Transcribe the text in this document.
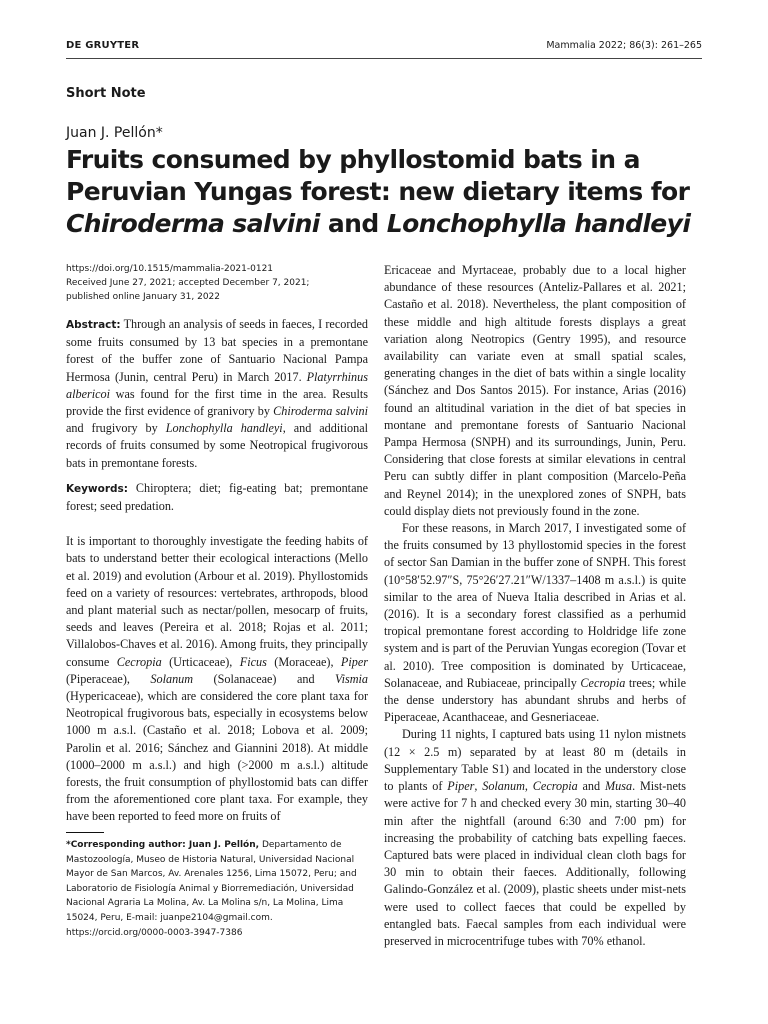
DE GRUYTER	Mammalia 2022; 86(3): 261–265
Short Note
Juan J. Pellón*
Fruits consumed by phyllostomid bats in a
Peruvian Yungas forest: new dietary items for
Chiroderma salvini and Lonchophylla handleyi
https://doi.org/10.1515/mammalia-2021-0121
Received June 27, 2021; accepted December 7, 2021;
published online January 31, 2022

Abstract: Through an analysis of seeds in faeces, I recorded some fruits consumed by 13 bat species in a premontane forest of the buffer zone of Santuario Nacional Pampa Hermosa (Junin, central Peru) in March 2017. Platyrrhinus albericoi was found for the first time in the area. Results provide the first evidence of granivory by Chiroderma salvini and frugivory by Lonchophylla handleyi, and additional records of fruits consumed by some Neotropical frugivorous bats in premontane forests.

Keywords: Chiroptera; diet; fig-eating bat; premontane forest; seed predation.

It is important to thoroughly investigate the feeding habits of bats to understand better their ecological interactions (Mello et al. 2019) and evolution (Arbour et al. 2019). Phyllostomids feed on a variety of resources: vertebrates, arthropods, blood and plant material such as nectar/pollen, mesocarp of fruits, seeds and leaves (Pereira et al. 2018; Rojas et al. 2011; Villalobos-Chaves et al. 2016). Among fruits, they principally consume Cecropia (Urticaceae), Ficus (Moraceae), Piper (Piperaceae), Solanum (Solanaceae) and Vismia (Hypericaceae), which are considered the core plant taxa for Neotropical frugivorous bats, especially in ecosystems below 1000 m a.s.l. (Castaño et al. 2018; Lobova et al. 2009; Parolin et al. 2016; Sánchez and Giannini 2018). At middle (1000–2000 m a.s.l.) and high (>2000 m a.s.l.) altitude forests, the fruit consumption of phyllostomid bats can differ from the aforementioned core plant taxa. For example, they have been reported to feed more on fruits of

*Corresponding author: Juan J. Pellón, Departamento de Mastozoología, Museo de Historia Natural, Universidad Nacional Mayor de San Marcos, Av. Arenales 1256, Lima 15072, Peru; and Laboratorio de Fisiología Animal y Biorremediación, Universidad Nacional Agraria La Molina, Av. La Molina s/n, La Molina, Lima 15024, Peru, E-mail: juanpe2104@gmail.com.
https://orcid.org/0000-0003-3947-7386

Ericaceae and Myrtaceae, probably due to a local higher abundance of these resources (Anteliz-Pallares et al. 2021; Castaño et al. 2018). Nevertheless, the plant composition of these middle and high altitude forests displays a great variation along Neotropics (Gentry 1995), and resource availability can variate even at small spatial scales, generating changes in the diet of bats within a single locality (Sánchez and Dos Santos 2015). For instance, Arias (2016) found an altitudinal variation in the diet of bat species in montane and premontane forests of Santuario Nacional Pampa Hermosa (SNPH) and its surroundings, Junin, Peru. Considering that close forests at similar elevations in central Peru can subtly differ in plant composition (Marcelo-Peña and Reynel 2014); in the unexplored zones of SNPH, bats could display diets not previously found in the zone.

For these reasons, in March 2017, I investigated some of the fruits consumed by 13 phyllostomid species in the forest of sector San Damian in the buffer zone of SNPH. This forest (10°58′52.97″S, 75°26′27.21″W/1337–1408 m a.s.l.) is quite similar to the area of Nueva Italia described in Arias et al. (2016). It is a secondary forest classified as a perhumid tropical premontane forest according to Holdridge life zone system and is part of the Peruvian Yungas ecoregion (Tovar et al. 2010). Tree composition is dominated by Urticaceae, Solanaceae, and Rubiaceae, principally Cecropia trees; while the dense understory has abundant shrubs and herbs of Piperaceae, Acanthaceae, and Gesneriaceae.

During 11 nights, I captured bats using 11 nylon mistnets (12 × 2.5 m) separated by at least 80 m (details in Supplementary Table S1) and located in the understory close to plants of Piper, Solanum, Cecropia and Musa. Mist-nets were active for 7 h and checked every 30 min, starting 30–40 min after the nightfall (around 6:30 and 7:00 pm) for increasing the probability of catching bats expelling faeces. Captured bats were placed in individual clean cloth bags for 30 min to obtain their faeces. Additionally, following Galindo-González et al. (2009), plastic sheets under mist-nets were used to collect faeces that could be expelled by entangled bats. Faecal samples from each individual were preserved in microcentrifuge tubes with 70% ethanol.
